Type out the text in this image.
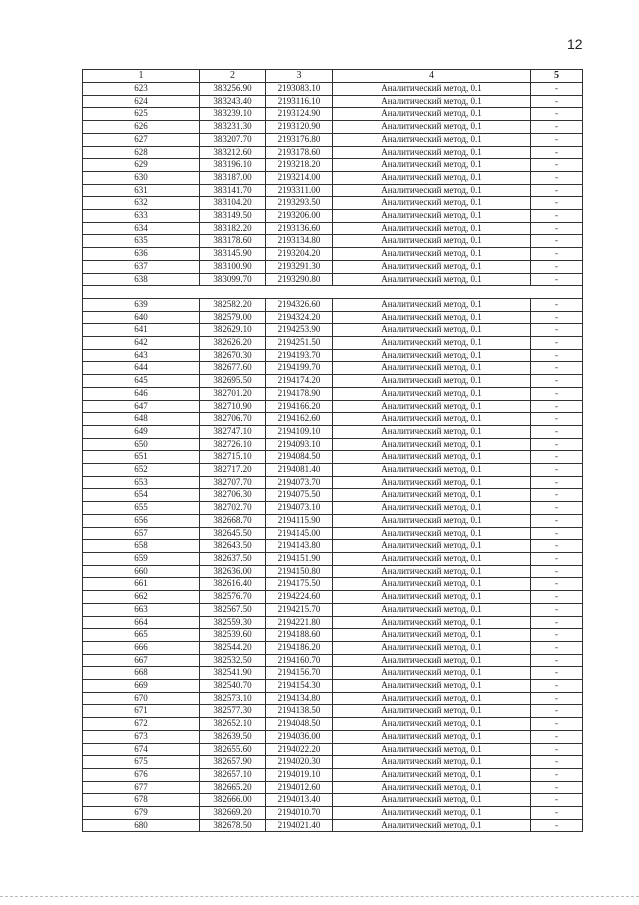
12
1	2	3	4	5
623	383256.90	2193083.10	Аналитический метод, 0.1	-
624	383243.40	2193116.10	Аналитический метод, 0.1	-
625	383239.10	2193124.90	Аналитический метод, 0.1	-
626	383231.30	2193120.90	Аналитический метод, 0.1	-
627	383207.70	2193176.80	Аналитический метод, 0.1	-
628	383212.60	2193178.60	Аналитический метод, 0.1	-
629	383196.10	2193218.20	Аналитический метод, 0.1	-
630	383187.00	2193214.00	Аналитический метод, 0.1	-
631	383141.70	2193311.00	Аналитический метод, 0.1	-
632	383104.20	2193293.50	Аналитический метод, 0.1	-
633	383149.50	2193206.00	Аналитический метод, 0.1	-
634	383182.20	2193136.60	Аналитический метод, 0.1	-
635	383178.60	2193134.80	Аналитический метод, 0.1	-
636	383145.90	2193204.20	Аналитический метод, 0.1	-
637	383100.90	2193291.30	Аналитический метод, 0.1	-
638	383099.70	2193290.80	Аналитический метод, 0.1	-

639	382582.20	2194326.60	Аналитический метод, 0.1	-
640	382579.00	2194324.20	Аналитический метод, 0.1	-
641	382629.10	2194253.90	Аналитический метод, 0.1	-
642	382626.20	2194251.50	Аналитический метод, 0.1	-
643	382670.30	2194193.70	Аналитический метод, 0.1	-
644	382677.60	2194199.70	Аналитический метод, 0.1	-
645	382695.50	2194174.20	Аналитический метод, 0.1	-
646	382701.20	2194178.90	Аналитический метод, 0.1	-
647	382710.90	2194166.20	Аналитический метод, 0.1	-
648	382706.70	2194162.60	Аналитический метод, 0.1	-
649	382747.10	2194109.10	Аналитический метод, 0.1	-
650	382726.10	2194093.10	Аналитический метод, 0.1	-
651	382715.10	2194084.50	Аналитический метод, 0.1	-
652	382717.20	2194081.40	Аналитический метод, 0.1	-
653	382707.70	2194073.70	Аналитический метод, 0.1	-
654	382706.30	2194075.50	Аналитический метод, 0.1	-
655	382702.70	2194073.10	Аналитический метод, 0.1	-
656	382668.70	2194115.90	Аналитический метод, 0.1	-
657	382645.50	2194145.00	Аналитический метод, 0.1	-
658	382643.50	2194143.80	Аналитический метод, 0.1	-
659	382637.50	2194151.90	Аналитический метод, 0.1	-
660	382636.00	2194150.80	Аналитический метод, 0.1	-
661	382616.40	2194175.50	Аналитический метод, 0.1	-
662	382576.70	2194224.60	Аналитический метод, 0.1	-
663	382567.50	2194215.70	Аналитический метод, 0.1	-
664	382559.30	2194221.80	Аналитический метод, 0.1	-
665	382539.60	2194188.60	Аналитический метод, 0.1	-
666	382544.20	2194186.20	Аналитический метод, 0.1	-
667	382532.50	2194160.70	Аналитический метод, 0.1	-
668	382541.90	2194156.70	Аналитический метод, 0.1	-
669	382540.70	2194154.30	Аналитический метод, 0.1	-
670	382573.10	2194134.80	Аналитический метод, 0.1	-
671	382577.30	2194138.50	Аналитический метод, 0.1	-
672	382652.10	2194048.50	Аналитический метод, 0.1	-
673	382639.50	2194036.00	Аналитический метод, 0.1	-
674	382655.60	2194022.20	Аналитический метод, 0.1	-
675	382657.90	2194020.30	Аналитический метод, 0.1	-
676	382657.10	2194019.10	Аналитический метод, 0.1	-
677	382665.20	2194012.60	Аналитический метод, 0.1	-
678	382666.00	2194013.40	Аналитический метод, 0.1	-
679	382669.20	2194010.70	Аналитический метод, 0.1	-
680	382678.50	2194021.40	Аналитический метод, 0.1	-
